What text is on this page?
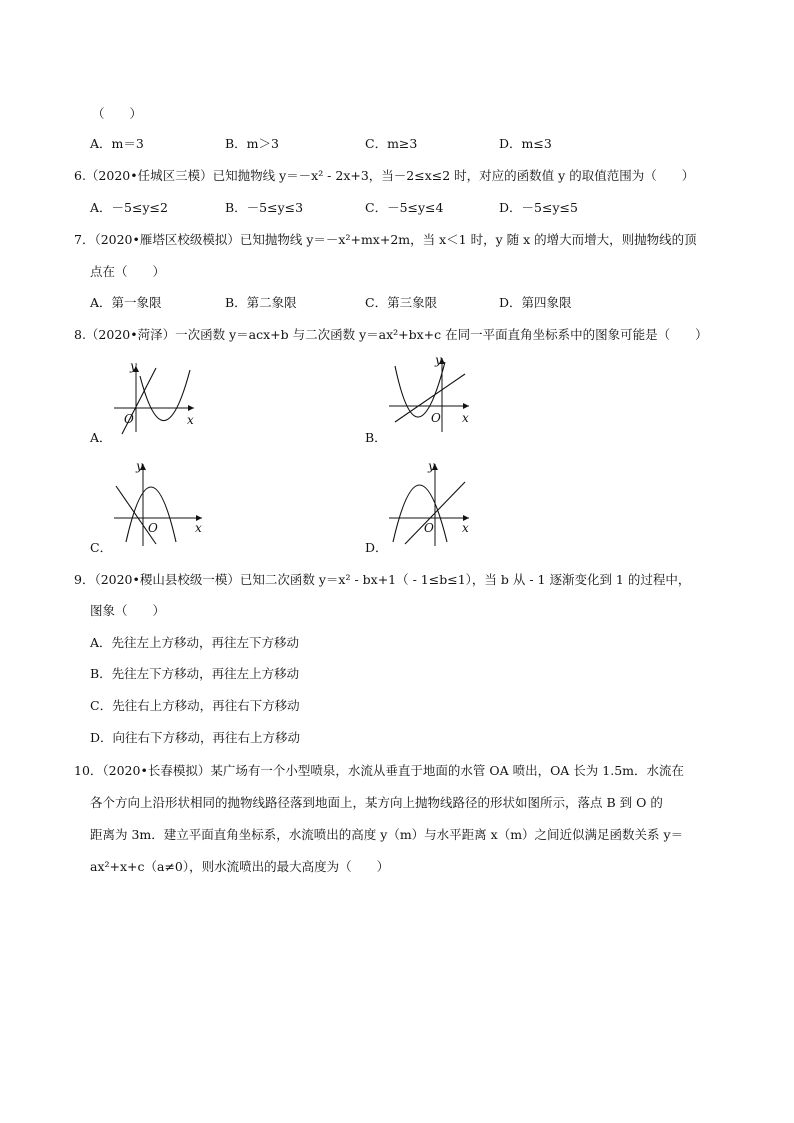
（　　）
A．m＝3	B．m＞3	C．m≥3	D．m≤3
6.（2020•任城区三模）已知抛物线 y＝－x² - 2x+3，当－2≤x≤2 时，对应的函数值 y 的取值范围为（　　）
A．－5≤y≤2	B．－5≤y≤3	C．－5≤y≤4	D．－5≤y≤5
7．（2020•雁塔区校级模拟）已知抛物线 y＝－x²+mx+2m，当 x＜1 时，y 随 x 的增大而增大，则抛物线的顶
点在（　　）
A．第一象限	B．第二象限	C．第三象限	D．第四象限
8.（2020•菏泽）一次函数 y＝acx+b 与二次函数 y＝ax²+bx+c 在同一平面直角坐标系中的图象可能是（　　）
A．
y
x
O
B．
y
x
O
C．
y
x
O
D．
y
x
O
9．（2020•稷山县校级一模）已知二次函数 y＝x² - bx+1（ - 1≤b≤1），当 b 从 - 1 逐渐变化到 1 的过程中，
图象（　　）
A．先往左上方移动，再往左下方移动
B．先往左下方移动，再往左上方移动
C．先往右上方移动，再往右下方移动
D．向往右下方移动，再往右上方移动
10．（2020•长春模拟）某广场有一个小型喷泉，水流从垂直于地面的水管 OA 喷出，OA 长为 1.5m．水流在
各个方向上沿形状相同的抛物线路径落到地面上，某方向上抛物线路径的形状如图所示，落点 B 到 O 的
距离为 3m．建立平面直角坐标系，水流喷出的高度 y（m）与水平距离 x（m）之间近似满足函数关系 y＝
ax²+x+c（a≠0），则水流喷出的最大高度为（　　）
